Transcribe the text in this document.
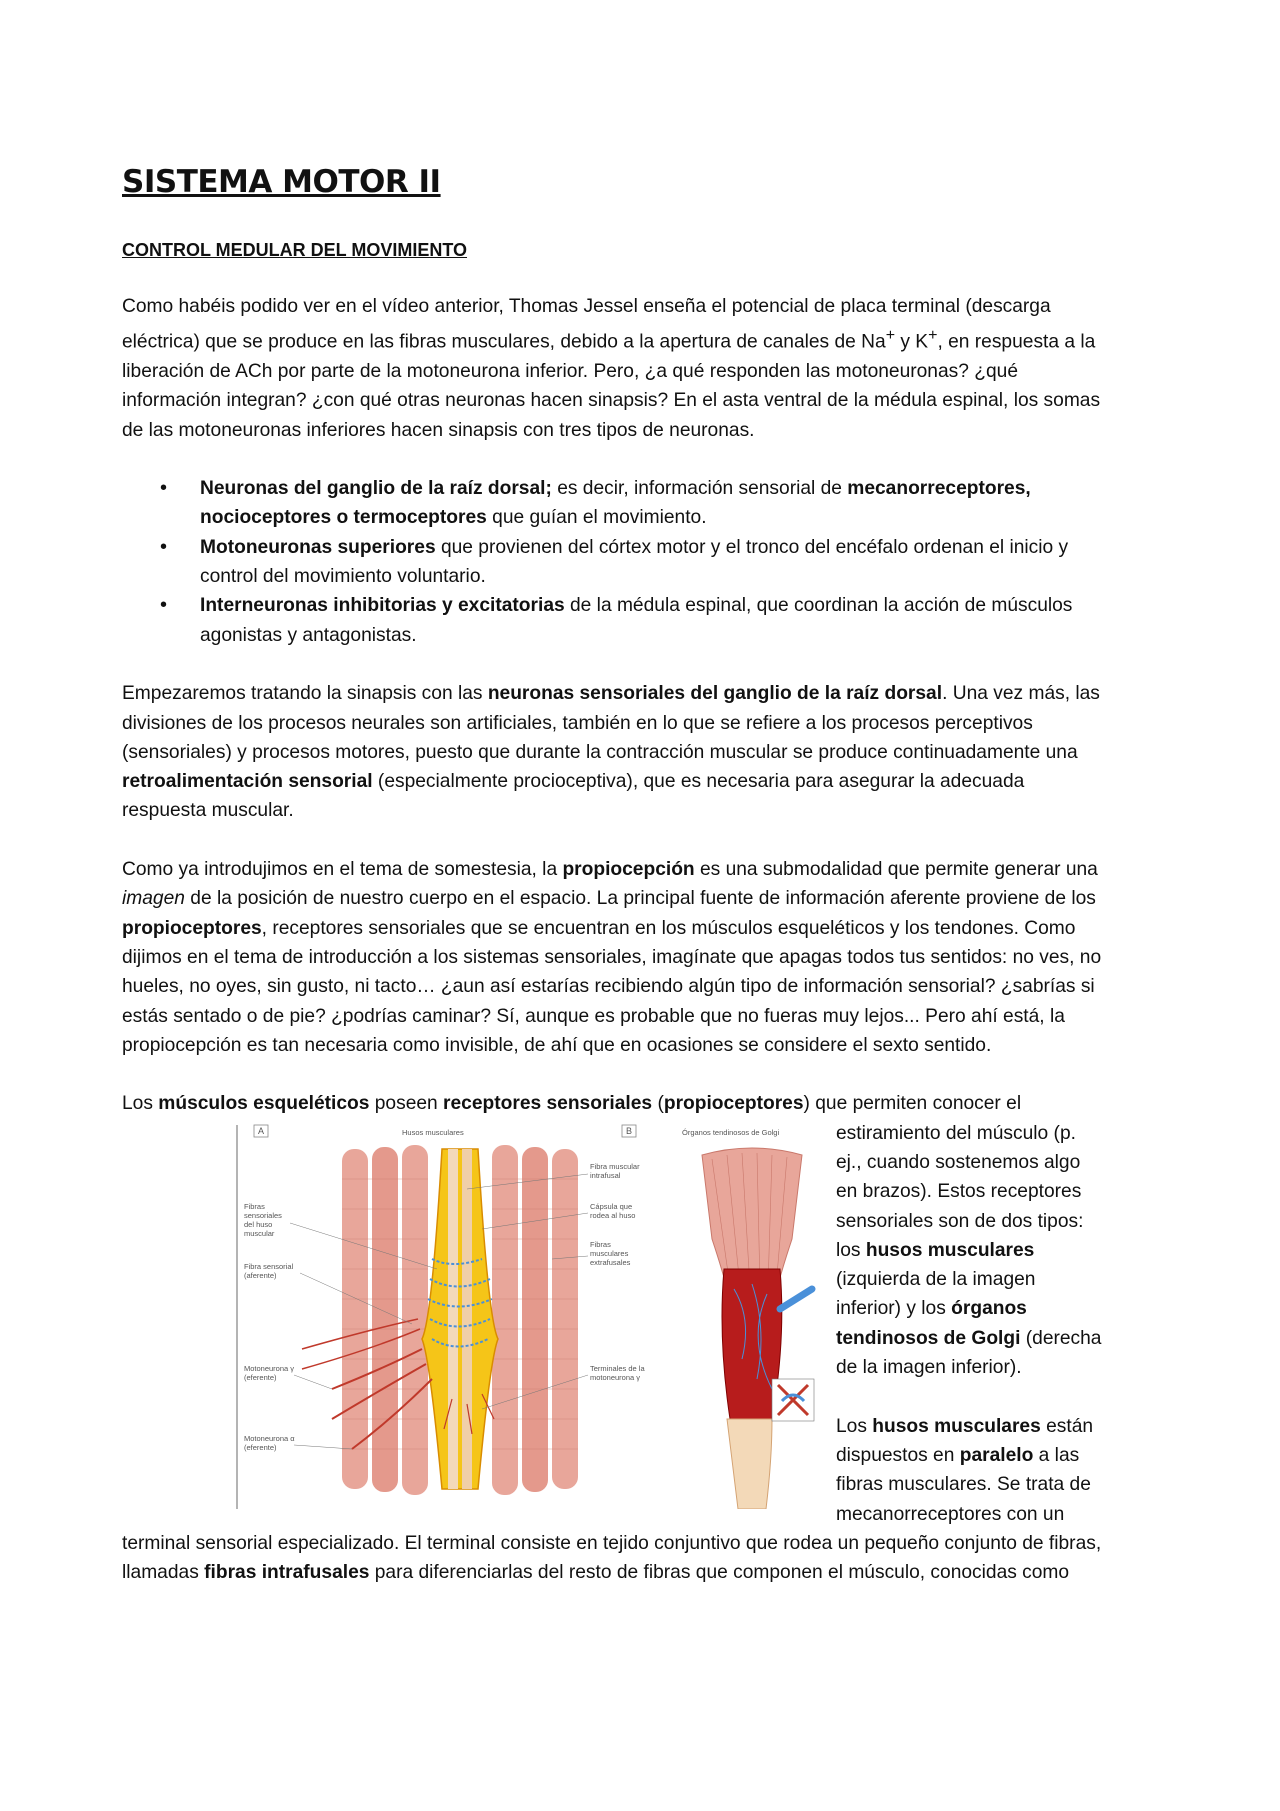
SISTEMA MOTOR II
CONTROL MEDULAR DEL MOVIMIENTO

Como habéis podido ver en el vídeo anterior, Thomas Jessel enseña el potencial de placa terminal (descarga eléctrica) que se produce en las fibras musculares, debido a la apertura de canales de Na+ y K+, en respuesta a la liberación de ACh por parte de la motoneurona inferior. Pero, ¿a qué responden las motoneuronas? ¿qué información integran? ¿con qué otras neuronas hacen sinapsis? En el asta ventral de la médula espinal, los somas de las motoneuronas inferiores hacen sinapsis con tres tipos de neuronas.

• Neuronas del ganglio de la raíz dorsal; es decir, información sensorial de mecanorreceptores, nocioceptores o termoceptores que guían el movimiento.
• Motoneuronas superiores que provienen del córtex motor y el tronco del encéfalo ordenan el inicio y control del movimiento voluntario.
• Interneuronas inhibitorias y excitatorias de la médula espinal, que coordinan la acción de músculos agonistas y antagonistas.

Empezaremos tratando la sinapsis con las neuronas sensoriales del ganglio de la raíz dorsal. Una vez más, las divisiones de los procesos neurales son artificiales, también en lo que se refiere a los procesos perceptivos (sensoriales) y procesos motores, puesto que durante la contracción muscular se produce continuadamente una retroalimentación sensorial (especialmente procioceptiva), que es necesaria para asegurar la adecuada respuesta muscular.

Como ya introdujimos en el tema de somestesia, la propiocepción es una submodalidad que permite generar una imagen de la posición de nuestro cuerpo en el espacio. La principal fuente de información aferente proviene de los propioceptores, receptores sensoriales que se encuentran en los músculos esqueléticos y los tendones. Como dijimos en el tema de introducción a los sistemas sensoriales, imagínate que apagas todos tus sentidos: no ves, no hueles, no oyes, sin gusto, ni tacto… ¿aun así estarías recibiendo algún tipo de información sensorial? ¿sabrías si estás sentado o de pie? ¿podrías caminar? Sí, aunque es probable que no fueras muy lejos... Pero ahí está, la propiocepción es tan necesaria como invisible, de ahí que en ocasiones se considere el sexto sentido.

Los músculos esqueléticos poseen receptores sensoriales (propioceptores) que permiten conocer el

A	Husos musculares
Fibras
sensoriales
del huso
muscular
Fibra sensorial
(aferente)
Motoneurona γ
(eferente)
Motoneurona α
(eferente)
Fibra muscular
intrafusal
Cápsula que
rodea al huso
Fibras
musculares
extrafusales
Terminales de la
motoneurona γ
B	Órganos tendinosos de Golgi	estiramiento del músculo (p. ej., cuando sostenemos algo en brazos). Estos receptores sensoriales son de dos tipos: los husos musculares (izquierda de la imagen inferior) y los órganos tendinosos de Golgi (derecha de la imagen inferior).

Los husos musculares están dispuestos en paralelo a las fibras musculares. Se trata de mecanorreceptores con un terminal sensorial especializado. El terminal consiste en tejido conjuntivo que rodea un pequeño conjunto de fibras, llamadas fibras intrafusales para diferenciarlas del resto de fibras que componen el músculo, conocidas como
